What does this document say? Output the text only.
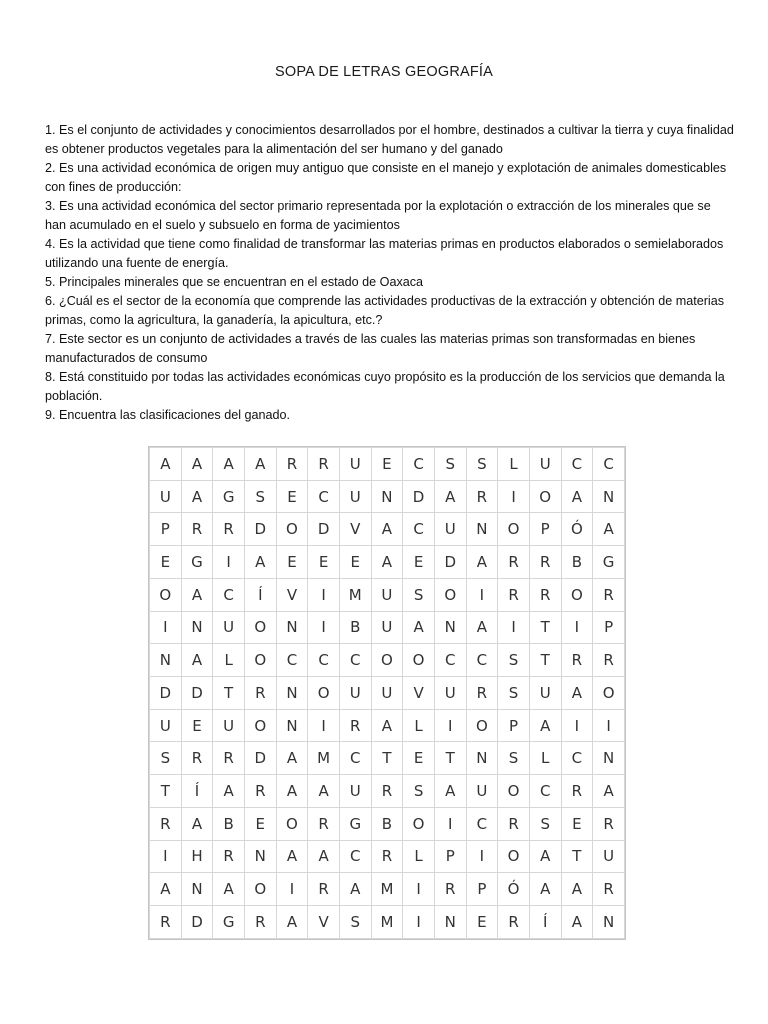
SOPA DE LETRAS GEOGRAFÍA

1. Es el conjunto de actividades y conocimientos desarrollados por el hombre, destinados a cultivar la tierra y cuya finalidad es obtener productos vegetales para la alimentación del ser humano y del ganado

2. Es una actividad económica de origen muy antiguo que consiste en el manejo y explotación de animales domesticables con fines de producción:

3. Es una actividad económica del sector primario representada por la explotación o extracción de los minerales que se han acumulado en el suelo y subsuelo en forma de yacimientos

4. Es la actividad que tiene como finalidad de transformar las materias primas en productos elaborados o semielaborados utilizando una fuente de energía.

5. Principales minerales que se encuentran en el estado de Oaxaca

6. ¿Cuál es el sector de la economía que comprende las actividades productivas de la extracción y obtención de materias primas, como la agricultura, la ganadería, la apicultura, etc.?

7. Este sector es un conjunto de actividades a través de las cuales las materias primas son transformadas en bienes manufacturados de consumo

8. Está constituido por todas las actividades económicas cuyo propósito es la producción de los servicios que demanda la población.

9. Encuentra las clasificaciones del ganado.

A	A	A	A	R	R	U	E	C	S	S	L	U	C	C
U	A	G	S	E	C	U	N	D	A	R	I	O	A	N
P	R	R	D	O	D	V	A	C	U	N	O	P	Ó	A
E	G	I	A	E	E	E	A	E	D	A	R	R	B	G
O	A	C	Í	V	I	M	U	S	O	I	R	R	O	R
I	N	U	O	N	I	B	U	A	N	A	I	T	I	P
N	A	L	O	C	C	C	O	O	C	C	S	T	R	R
D	D	T	R	N	O	U	U	V	U	R	S	U	A	O
U	E	U	O	N	I	R	A	L	I	O	P	A	I	I
S	R	R	D	A	M	C	T	E	T	N	S	L	C	N
T	Í	A	R	A	A	U	R	S	A	U	O	C	R	A
R	A	B	E	O	R	G	B	O	I	C	R	S	E	R
I	H	R	N	A	A	C	R	L	P	I	O	A	T	U
A	N	A	O	I	R	A	M	I	R	P	Ó	A	A	R
R	D	G	R	A	V	S	M	I	N	E	R	Í	A	N
